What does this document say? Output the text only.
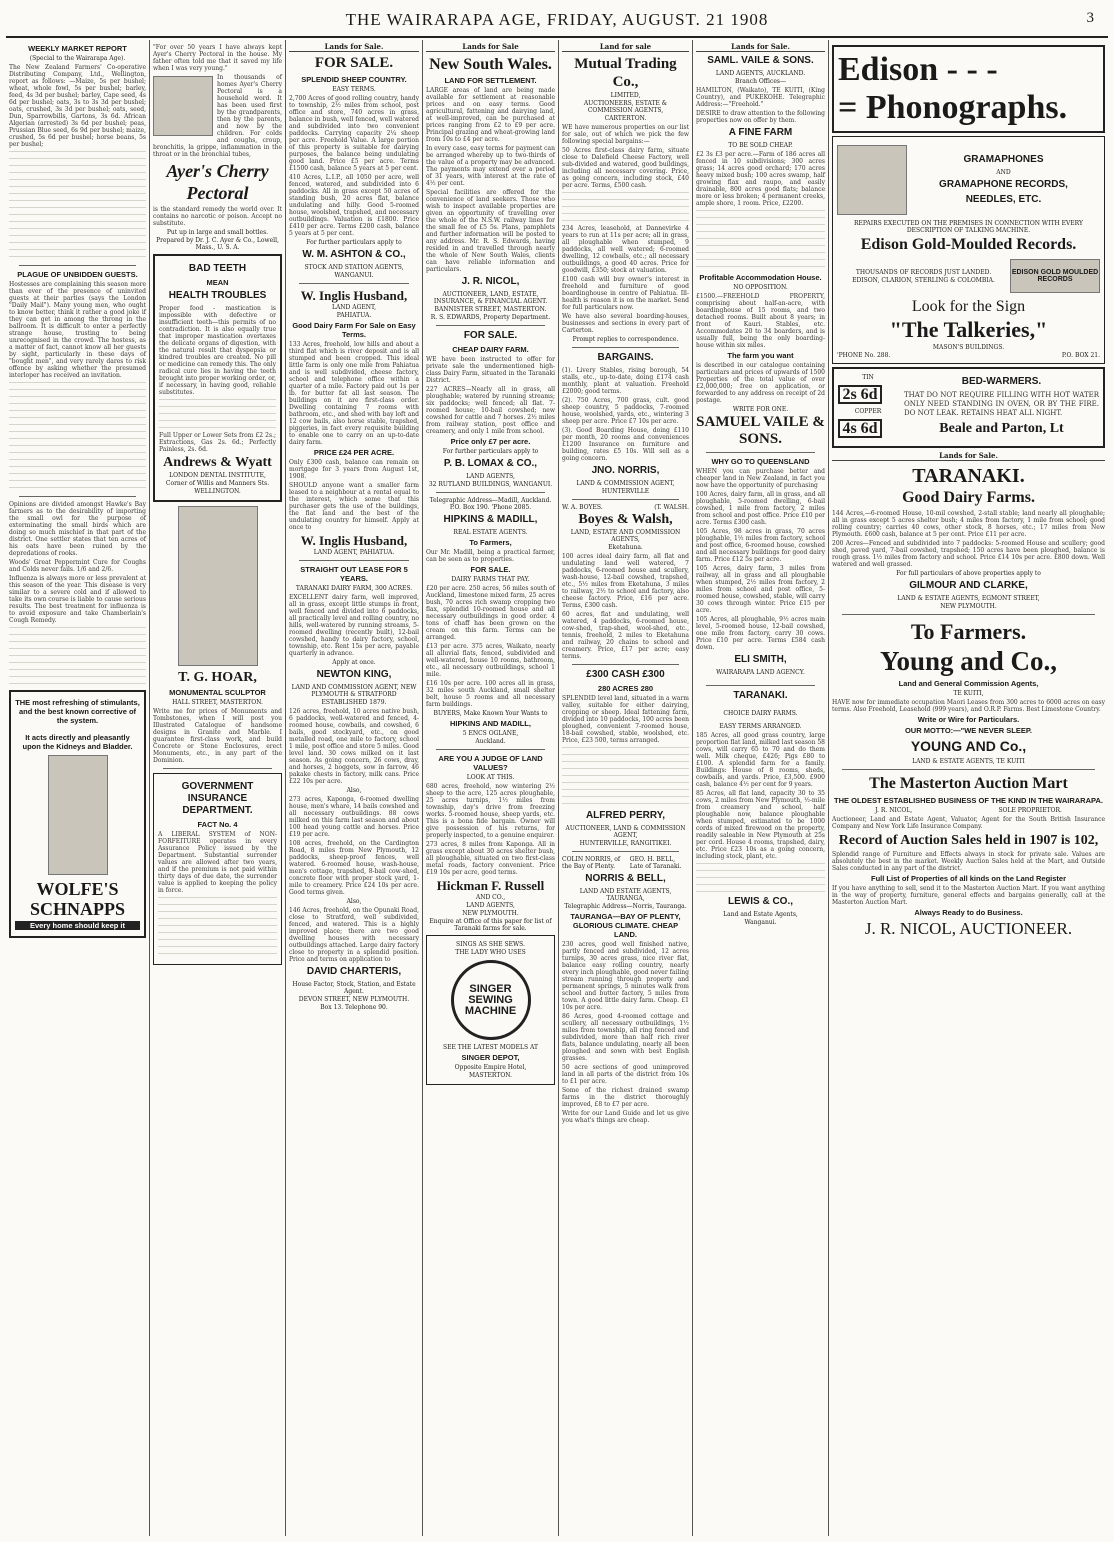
THE WAIRARAPA AGE, FRIDAY, AUGUST. 21 1908	3
WEEKLY MARKET REPORT
(Special to the Wairarapa Age).
The New Zealand Farmers' Co-operative Distributing Company, Ltd., Wellington, report as follows: —Maize, 5s per bushel; wheat, whole fowl, 5s per bushel; barley, feed, 4s 3d per bushel; barley, Cape seed, 4s 6d per bushel; oats, 3s to 3s 3d per bushel; oats, crushed, 3s 3d per bushel; oats, seed, Dun, Sparrowbills, Gartons, 3s 6d. African Algerian (arrested) 3s 6d per bushel; peas, Prussian Blue seed, 6s 9d per bushel; maize, crushed, 5s 6d per bushel; horse beans, 5s per bushel;
PLAGUE OF UNBIDDEN GUESTS.
Hostesses are complaining this season more than ever of the presence of uninvited guests at their parties (says the London "Daily Mail"). Many young men, who ought to know better, think it rather a good joke if they can get in among the throng in the ballroom. It is difficult to enter a perfectly strange house, trusting to being unrecognised in the crowd. The hostess, as a matter of fact, cannot know all her guests by sight, particularly in these days of "bought men", and very rarely dares to risk offence by asking whether the presumed interloper has received an invitation.
Opinions are divided amongst Hawke's Bay farmers as to the desirability of importing the small owl for the purpose of exterminating the small birds which are doing so much mischief in that part of the district. One settler states that ten acres of his oats have been ruined by the depredations of rooks.
Woods' Great Peppermint Cure for Coughs and Colds never fails. 1/6 and 2/6.
Influenza is always more or less prevalent at this season of the year. This disease is very similar to a severe cold and if allowed to take its own course is liable to cause serious results. The best treatment for influenza is to avoid exposure and take Chamberlain's Cough Remedy.
THE most refreshing of stimulants, and the best known corrective of the system.
It acts directly and pleasantly upon the Kidneys and Bladder.
WOLFE'S SCHNAPPS
Every home should keep it
"For over 50 years I have always kept Ayer's Cherry Pectoral in the house. My father often told me that it saved my life when I was very young."
In thousands of homes Ayer's Cherry Pectoral is a household word. It has been used first by the grandparents, then by the parents, and now by the children. For colds and coughs, croup, bronchitis, la grippe, inflammation in the throat or in the bronchial tubes,
Ayer's Cherry Pectoral
is the standard remedy the world over. It contains no narcotic or poison. Accept no substitute.
Put up in large and small bottles.
Prepared by Dr. J. C. Ayer & Co., Lowell, Mass., U. S. A.
BAD TEETH
MEAN
HEALTH TROUBLES
Proper food - mastication is impossible with defective or insufficient teeth—this permits of no contradiction. It is also equally true that improper mastication overtaxes the delicate organs of digestion, with the natural result that dyspepsia or kindred troubles are created. No pill or medicine can remedy this. The only radical cure lies in having the teeth brought into proper working order, or, if necessary, in having good, reliable substitutes.
Full Upper or Lower Sets from £2 2s.; Extractions, Gas 2s. 6d.; Perfectly Painless, 2s. 6d.
Andrews & Wyatt
LONDON DENTAL INSTITUTE,
Corner of Willis and Manners Sts.
WELLINGTON.
T. G. HOAR,
MONUMENTAL SCULPTOR
HALL STREET, MASTERTON.
Write me for prices of Monuments and Tombstones, when I will post you Illustrated Catalogue of handsome designs in Granite and Marble. I guarantee first-class work, and build Concrete or Stone Enclosures, erect Monuments, etc., in any part of the Dominion.
GOVERNMENT INSURANCE DEPARTMENT.
FACT No. 4
A LIBERAL SYSTEM of NON-FORFEITURE operates in every Assurance Policy issued by the Department. Substantial surrender values are allowed after two years, and if the premium is not paid within thirty days of due date, the surrender value is applied to keeping the policy in force.
Lands for Sale.
FOR SALE.
SPLENDID SHEEP COUNTRY.
EASY TERMS.
2,700 Acres of good rolling country, handy to township, 2½ miles from school, post office and store, 740 acres in grass, balance in bush, well fenced, well watered and subdivided into two convenient paddocks. Carrying capacity 2¼ sheep per acre. Freehold Value. A large portion of this property is suitable for dairying purposes, the balance being undulating good land. Price £5 per acre. Terms £1500 cash, balance 5 years at 5 per cent.
410 Acres, L.I.P., all 1050 per acre, well fenced, watered, and subdivided into 6 paddocks. All in grass except 50 acres of standing bush, 20 acres flat, balance undulating and hilly. Good 5-roomed house, woolshed, trapshed, and necessary outbuildings. Valuation is £1800. Price £410 per acre. Terms £200 cash, balance 5 years at 5 per cent.
For further particulars apply to
W. M. ASHTON & CO.,
STOCK AND STATION AGENTS,
WANGANUI.
W. Inglis Husband,
LAND AGENT,
PAHIATUA.
Good Dairy Farm For Sale on Easy Terms.
133 Acres, freehold, low hills and about a third flat which is river deposit and is all stumped and been cropped. This ideal little farm is only one mile from Pahiatua and is well subdivided, cheese factory, school and telephone office within a quarter of a mile. Factory paid out 1s per lb. for butter fat all last season. The buildings on it are first-class order. Dwelling containing 7 rooms with bathroom, etc., and shed with bay loft and 12 cow bails, also horse stable, trapshed, piggeries, in fact every requisite building to enable one to carry on an up-to-date dairy farm.
PRICE £24 PER ACRE.
Only £300 cash, balance can remain on mortgage for 3 years from August 1st, 1908.
SHOULD anyone want a smaller farm leased to a neighbour at a rental equal to the interest, which some that this purchaser gets the use of the buildings, the flat land and the best of the undulating country for himself. Apply at once to
W. Inglis Husband,
LAND AGENT, PAHIATUA.
STRAIGHT OUT LEASE FOR 5 YEARS.
TARANAKI DAIRY FARM, 300 ACRES.
EXCELLENT dairy farm, well improved, all in grass, except little stumps in front, well fenced and divided into 6 paddocks, all practically level and rolling country, no hills, well-watered by running streams, 5-roomed dwelling (recently built), 12-bail cowshed, handy to dairy factory, school, township, etc. Rent 15s per acre, payable quarterly in advance.
Apply at once.
NEWTON KING,
LAND AND COMMISSION AGENT, NEW PLYMOUTH & STRATFORD
ESTABLISHED 1879.
126 acres, freehold, 10 acres native bush, 6 paddocks, well-watered and fenced, 4-roomed house, cowbails, and cowshed, 6 bails, good stockyard, etc., on good metalled road, one mile to factory, school 1 mile, post office and store 5 miles. Good level land. 30 cows milked on it last season. As going concern, 26 cows, dray, and horses, 2 hoggets, sow in farrow, 46 pakake chests in factory, milk cans. Price £22 10s per acre.
Also,
273 acres, Kaponga, 6-roomed dwelling house, men's whare, 14 bails cowshed and all necessary outbuildings. 88 cows milked on this farm last season and about 100 head young cattle and horses. Price £19 per acre.
108 acres, freehold, on the Cardington Road, 8 miles from New Plymouth, 12 paddocks, sheep-proof fences, well watered. 6-roomed house, wash-house, men's cottage, trapshed, 8-bail cow-shed, concrete floor with proper stock yard, 1-mile to creamery. Price £24 10s per acre. Good terms given.
Also,
146 Acres, freehold, on the Opunaki Road, close to Stratford, well subdivided, fenced, and watered. This is a highly improved place; there are two good dwelling houses with necessary outbuildings attached. Large dairy factory close to property in a splendid position. Price and terms on application to
DAVID CHARTERIS,
House Factor, Stock, Station, and Estate Agent.
DEVON STREET, NEW PLYMOUTH.
Box 13. Telephone 90.
Lands for Sale
New South Wales.
LAND FOR SETTLEMENT.
LARGE areas of land are being made available for settlement at reasonable prices and on easy terms. Good agricultural, fattening and dairying land, at well-improved, can be purchased at prices ranging from £2 to £9 per acre. Principal grazing and wheat-growing land from 10s to £4 per acre.
In every case, easy terms for payment can be arranged whereby up to two-thirds of the value of a property may be advanced. The payments may extend over a period of 31 years, with interest at the rate of 4½ per cent.
Special facilities are offered for the convenience of land seekers. Those who wish to inspect available properties are given an opportunity of travelling over the whole of the N.S.W. railway lines for the small fee of £5 5s. Plans, pamphlets and further information will be posted to any address. Mr. R. S. Edwards, having resided in and travelled through nearly the whole of New South Wales, clients can have reliable information and particulars.
J. R. NICOL,
AUCTIONEER, LAND, ESTATE, INSURANCE, & FINANCIAL AGENT.
BANNISTER STREET, MASTERTON.
R. S. EDWARDS, Property Department.
FOR SALE.
CHEAP DAIRY FARM.
WE have been instructed to offer for private sale the undermentioned high-class Dairy Farm, situated in the Taranaki District.
227 ACRES—Nearly all in grass, all ploughable; watered by running streams; six paddocks; well fenced; all flat. 7-roomed house; 10-bail cowshed; new cowshed for cattle and 7 horses. 2½ miles from railway station, post office and creamery, and only 1 mile from school.
Price only £7 per acre.
For further particulars apply to
P. B. LOMAX & CO.,
LAND AGENTS,
32 RUTLAND BUILDINGS, WANGANUI.
Telegraphic Address—Madill, Auckland. P.O. Box 190. 'Phone 2085.
HIPKINS & MADILL,
REAL ESTATE AGENTS.
To Farmers,
Our Mr. Madill, being a practical farmer, can be seen as to properties.
FOR SALE.
DAIRY FARMS THAT PAY.
£20 per acre. 250 acres, 56 miles south of Auckland, limestone mixed farm, 25 acres bush, 70 acres rich swamp cropping two flax, splendid 10-roomed house and all necessary outbuildings in good order. 4 tons of chaff has been grown on the cream on this farm. Terms can be arranged.
£13 per acre. 375 acres, Waikato, nearly all alluvial flats, fenced, subdivided and well-watered, house 10 rooms, bathroom, etc., all necessary outbuildings, school 1 mile.
£16 10s per acre. 100 acres all in grass, 32 miles south Auckland, small shelter belt, house 5 rooms and all necessary farm buildings.
BUYERS, Make Known Your Wants to
HIPKINS AND MADILL,
5 ENCS OGLANE,
Auckland.
ARE YOU A JUDGE OF LAND VALUES?
LOOK AT THIS.
680 acres, freehold, now wintering 2½ sheep to the acre, 125 acres ploughable, 25 acres turnips, 1½ miles from township, day's drive from freezing works. 5-roomed house, sheep yards, etc. This is a bona fide bargain. Owner will give possession of his returns, for properly inspected, to a genuine enquirer.
273 acres, 8 miles from Kaponga. All in grass except about 30 acres shelter bush, all ploughable, situated on two first-class metal roads, factory convenient. Price £19 10s per acre, good terms.
Hickman F. Russell
AND CO.,
LAND AGENTS,
NEW PLYMOUTH.
Enquire at Office of this paper for list of Taranaki farms for sale.
SINGS AS SHE SEWS.
THE LADY WHO USES
SINGER SEWING MACHINE
SEE THE LATEST MODELS AT
SINGER DEPOT,
Opposite Empire Hotel,
MASTERTON.
Land for sale
Mutual Trading Co.,
LIMITED,
AUCTIONEERS, ESTATE & COMMISSION AGENTS,
CARTERTON.
WE have numerous properties on our list for sale, out of which we pick the few following special bargains:—
50 Acres first-class dairy farm, situate close to Dalefield Cheese Factory, well sub-divided and watered, good buildings, including all necessary covering. Price, as going concern, including stock, £40 per acre. Terms, £500 cash.
234 Acres, leasehold, at Dannevirke 4 years to run at 11s per acre; all in grass, all ploughable when stumped, 9 paddocks, all well watered; 6-roomed dwelling, 12 cowbails, etc.; all necessary outbuildings, a good 40 acres. Price for goodwill, £350; stock at valuation.
£100 cash will buy owner's interest in freehold and furniture of good boardinghouse in centre of Pahiatua. Ill-health is reason it is on the market. Send for full particulars now.
We have also several boarding-houses, businesses and sections in every part of Carterton.
Prompt replies to correspondence.
BARGAINS.
(1). Livery Stables, rising borough, 54 stalls, etc., up-to-date, doing £174 cash monthly, plant at valuation. Freehold £2000; good terms.
(2). 750 Acres, 700 grass, cult. good sheep country, 5 paddocks, 7-roomed house, woolshed, yards, etc., wintering 3 sheep per acre. Price £7 10s per acre.
(3). Good Boarding House, doing £110 per month, 20 rooms and conveniences £1200 Insurance on furniture and building, rates £5 10s. Will sell as a going concern.
JNO. NORRIS,
LAND & COMMISSION AGENT,
HUNTERVILLE
W. A. BOYES.	(T. WALSH.
Boyes & Walsh,
LAND, ESTATE AND COMMISSION AGENTS,
Eketahuna.
100 acres ideal dairy farm, all flat and undulating land well watered, 7 paddocks, 6-roomed house and scullery, wash-house, 12-bail cowshed, trapshed, etc., 5½ miles from Eketahuna, 3 miles to railway, 2½ to school and factory, also cheese factory. Price, £16 per acre. Terms, £300 cash.
60 acres, flat and undulating, well watered, 4 paddocks, 6-roomed house, cow-shed, trap-shed, wool-shed, etc., tennis, freehold, 2 miles to Eketahuna and railway, 20 chains to school and creamery. Price, £17 per acre; easy terms.
£300 CASH £300
280 ACRES 280
SPLENDID level land, situated in a warm valley, suitable for either dairying, cropping or sheep. Ideal fattening farm, divided into 10 paddocks, 100 acres been ploughed, convenient 7-roomed house, 18-bail cowshed, stable, woolshed, etc. Price, £23 500, terms arranged.
ALFRED PERRY,
AUCTIONEER, LAND & COMMISSION AGENT,
HUNTERVILLE, RANGITIKEI.
COLIN NORRIS, of the Bay of Plenty.
GEO. H. BELL, Late of Taranaki.
NORRIS & BELL,
LAND AND ESTATE AGENTS, TAURANGA,
Telegraphic Address—Norris, Tauranga.
TAURANGA—BAY OF PLENTY, GLORIOUS CLIMATE. CHEAP LAND.
230 acres, good well finished native, partly fenced and subdivided, 12 acres turnips, 30 acres grass, nice river flat, balance easy rolling country, nearly every inch ploughable, good never failing stream running through property and permanent springs, 5 minutes walk from school and butter factory, 5 miles from town. A good little dairy farm. Cheap. £1 10s per acre.
86 Acres, good 4-roomed cottage and scullery, all necessary outbuildings, 1½ miles from township, all ring fenced and subdivided, more than half rich river flats, balance undulating, nearly all been ploughed and sown with best English grasses.
50 acre sections of good unimproved land in all parts of the district from 10s to £1 per acre.
Some of the richest drained swamp farms in the district thoroughly improved, £8 to £7 per acre.
Write for our Land Guide and let us give you what's things are cheap.
Lands for Sale.
SAML. VAILE & SONS.
LAND AGENTS, AUCKLAND.
Branch Offices—
HAMILTON, (Waikato), TE KUITI, (King Country), and PUKEKOHE. Telegraphic Address:—"Freehold."
DESIRE to draw attention to the following properties now on offer by them.
A FINE FARM
TO BE SOLD CHEAP.
£2 3s £3 per acre.—Farm of 186 acres all fenced in 10 subdivisions; 300 acres grass; 14 acres good orchard; 170 acres heavy mixed bush; 100 acres swamp, half growing flax and raupo, and easily drainable, 800 acres good flats; balance more or less broken; 4 permanent creeks, ample shore, 1 room. Price, £2200.
Profitable Accommodation House.
NO OPPOSITION.
£1500.—FREEHOLD PROPERTY, comprising about half-an-acre, with boardinghouse of 15 rooms, and two detached rooms. Built about 8 years; in front of Kauri. Stables, etc. Accommodates 20 to 34 boarders, and is usually full, being the only boarding-house within six miles.
The farm you want
is described in our catalogue containing particulars and prices of upwards of 1500 Properties of the total value of over £2,000,000; free on application, or forwarded to any address on receipt of 2d postage.
WRITE FOR ONE.
SAMUEL VAILE & SONS.
WHY GO TO QUEENSLAND
WHEN you can purchase better and cheaper land in New Zealand, in fact you now have the opportunity of purchasing
100 Acres, dairy farm, all in grass, and all ploughable, 5-roomed dwelling, 6-bail cowshed, 1 mile from factory, 2 miles from school and post office. Price £10 per acre. Terms £300 cash.
105 Acres, 98 acres in grass, 70 acres ploughable, 1½ miles from factory, school and post office, 6-roomed house, cowshed and all necessary buildings for good dairy farm. Price £12 5s per acre.
105 Acres, dairy farm, 3 miles from railway, all in grass and all ploughable when stumped, 2½ miles from factory, 2 miles from school and post office, 5-roomed house, cowshed, stable, will carry 30 cows through winter. Price £15 per acre.
105 Acres, all ploughable, 9½ acres main level, 5-roomed house, 12-bail cowshed, one mile from factory, carry 30 cows. Price £10 per acre. Terms £584 cash down.
ELI SMITH,
WAIRARAPA LAND AGENCY.
TARANAKI.
CHOICE DAIRY FARMS.
EASY TERMS ARRANGED.
185 Acres, all good grass country, large proportion flat land, milked last season 58 cows, will carry 65 to 70 and do them well. Milk cheque, £426; Pigs £80 to £100. A splendid farm for a family. Buildings: House of 8 rooms, sheds, cowbails, and yards. Price, £3,500. £900 cash, balance 4½ per cent for 9 years.
85 Acres, all flat land, capacity 30 to 35 cows, 2 miles from New Plymouth, ½-mile from creamery and school, half ploughable now, balance ploughable when stumped, estimated to be 1000 cords of mixed firewood on the property, readily saleable in New Plymouth at 25s per cord. House 4 rooms, trapshed, dairy, etc. Price £23 10s as a going concern, including stock, plant, etc.
LEWIS & CO.,
Land and Estate Agents,
Wanganui.
Edison - - -
= Phonographs.
GRAMAPHONES
AND
GRAMAPHONE RECORDS,
NEEDLES, ETC.
REPAIRS EXECUTED ON THE PREMISES IN CONNECTION WITH EVERY DESCRIPTION OF TALKING MACHINE.
Edison Gold-Moulded Records.
THOUSANDS OF RECORDS JUST LANDED.
EDISON, CLARION, STERLING & COLOMBIA.
EDISON GOLD MOULDED RECORDS
Look for the Sign
"The Talkeries,"
MASON'S BUILDINGS.
'PHONE No. 288.	P.O. BOX 21.
TIN
2s 6d
COPPER
4s 6d
BED-WARMERS.
THAT DO NOT REQUIRE FILLING WITH HOT WATER ONLY NEED STANDING IN OVEN, OR BY THE FIRE. DO NOT LEAK. RETAINS HEAT ALL NIGHT.
Beale and Parton, Lt
Lands for Sale.
TARANAKI.
Good Dairy Farms.
144 Acres,—6-roomed House, 10-mil cowshed, 2-stall stable; land nearly all ploughable; all in grass except 5 acres shelter bush; 4 miles from factory, 1 mile from school; good rolling country; carries 40 cows, other stock, 8 horses, etc.; 17 miles from New Plymouth. £600 cash, balance at 5 per cent. Price £11 per acre.
200 Acres—Fenced and subdivided into 7 paddocks: 5-roomed House and scullery; good shed, paved yard, 7-bail cowshed, trapshed; 150 acres have been ploughed, balance is rough grass. 1½ miles from factory and school. Price £14 10s per acre. £800 down. Well watered and well grassed.
For full particulars of above properties apply to
GILMOUR AND CLARKE,
LAND & ESTATE AGENTS, EGMONT STREET,
NEW PLYMOUTH.
To Farmers.
Young and Co.,
Land and General Commission Agents,
TE KUITI,
HAVE now for immediate occupation Maori Leases from 300 acres to 6000 acres on easy terms. Also Freehold, Leasehold (999 years), and O.R.P. Farms. Best Limestone Country.
Write or Wire for Particulars.
OUR MOTTO:—"WE NEVER SLEEP.
YOUNG AND Co.,
LAND & ESTATE AGENTS, TE KUITI
The Masterton Auction Mart
THE OLDEST ESTABLISHED BUSINESS OF THE KIND IN THE WAIRARAPA.
J. R. NICOL,	SOLE PROPRIETOR.
Auctioneer, Land and Estate Agent, Valuator, Agent for the South British Insurance Company and New York Life Insurance Company.
Record of Auction Sales held in 1907 is 102,
Splendid range of Furniture and Effects always in stock for private sale. Values are absolutely the best in the market. Weekly Auction Sales held at the Mart, and Outside Sales conducted in any part of the district.
Full List of Properties of all kinds on the Land Register
If you have anything to sell, send it to the Masterton Auction Mart. If you want anything in the way of property, furniture, general effects and bargains generally, call at the Masterton Auction Mart.
Always Ready to do Business.
J. R. NICOL, AUCTIONEER.
